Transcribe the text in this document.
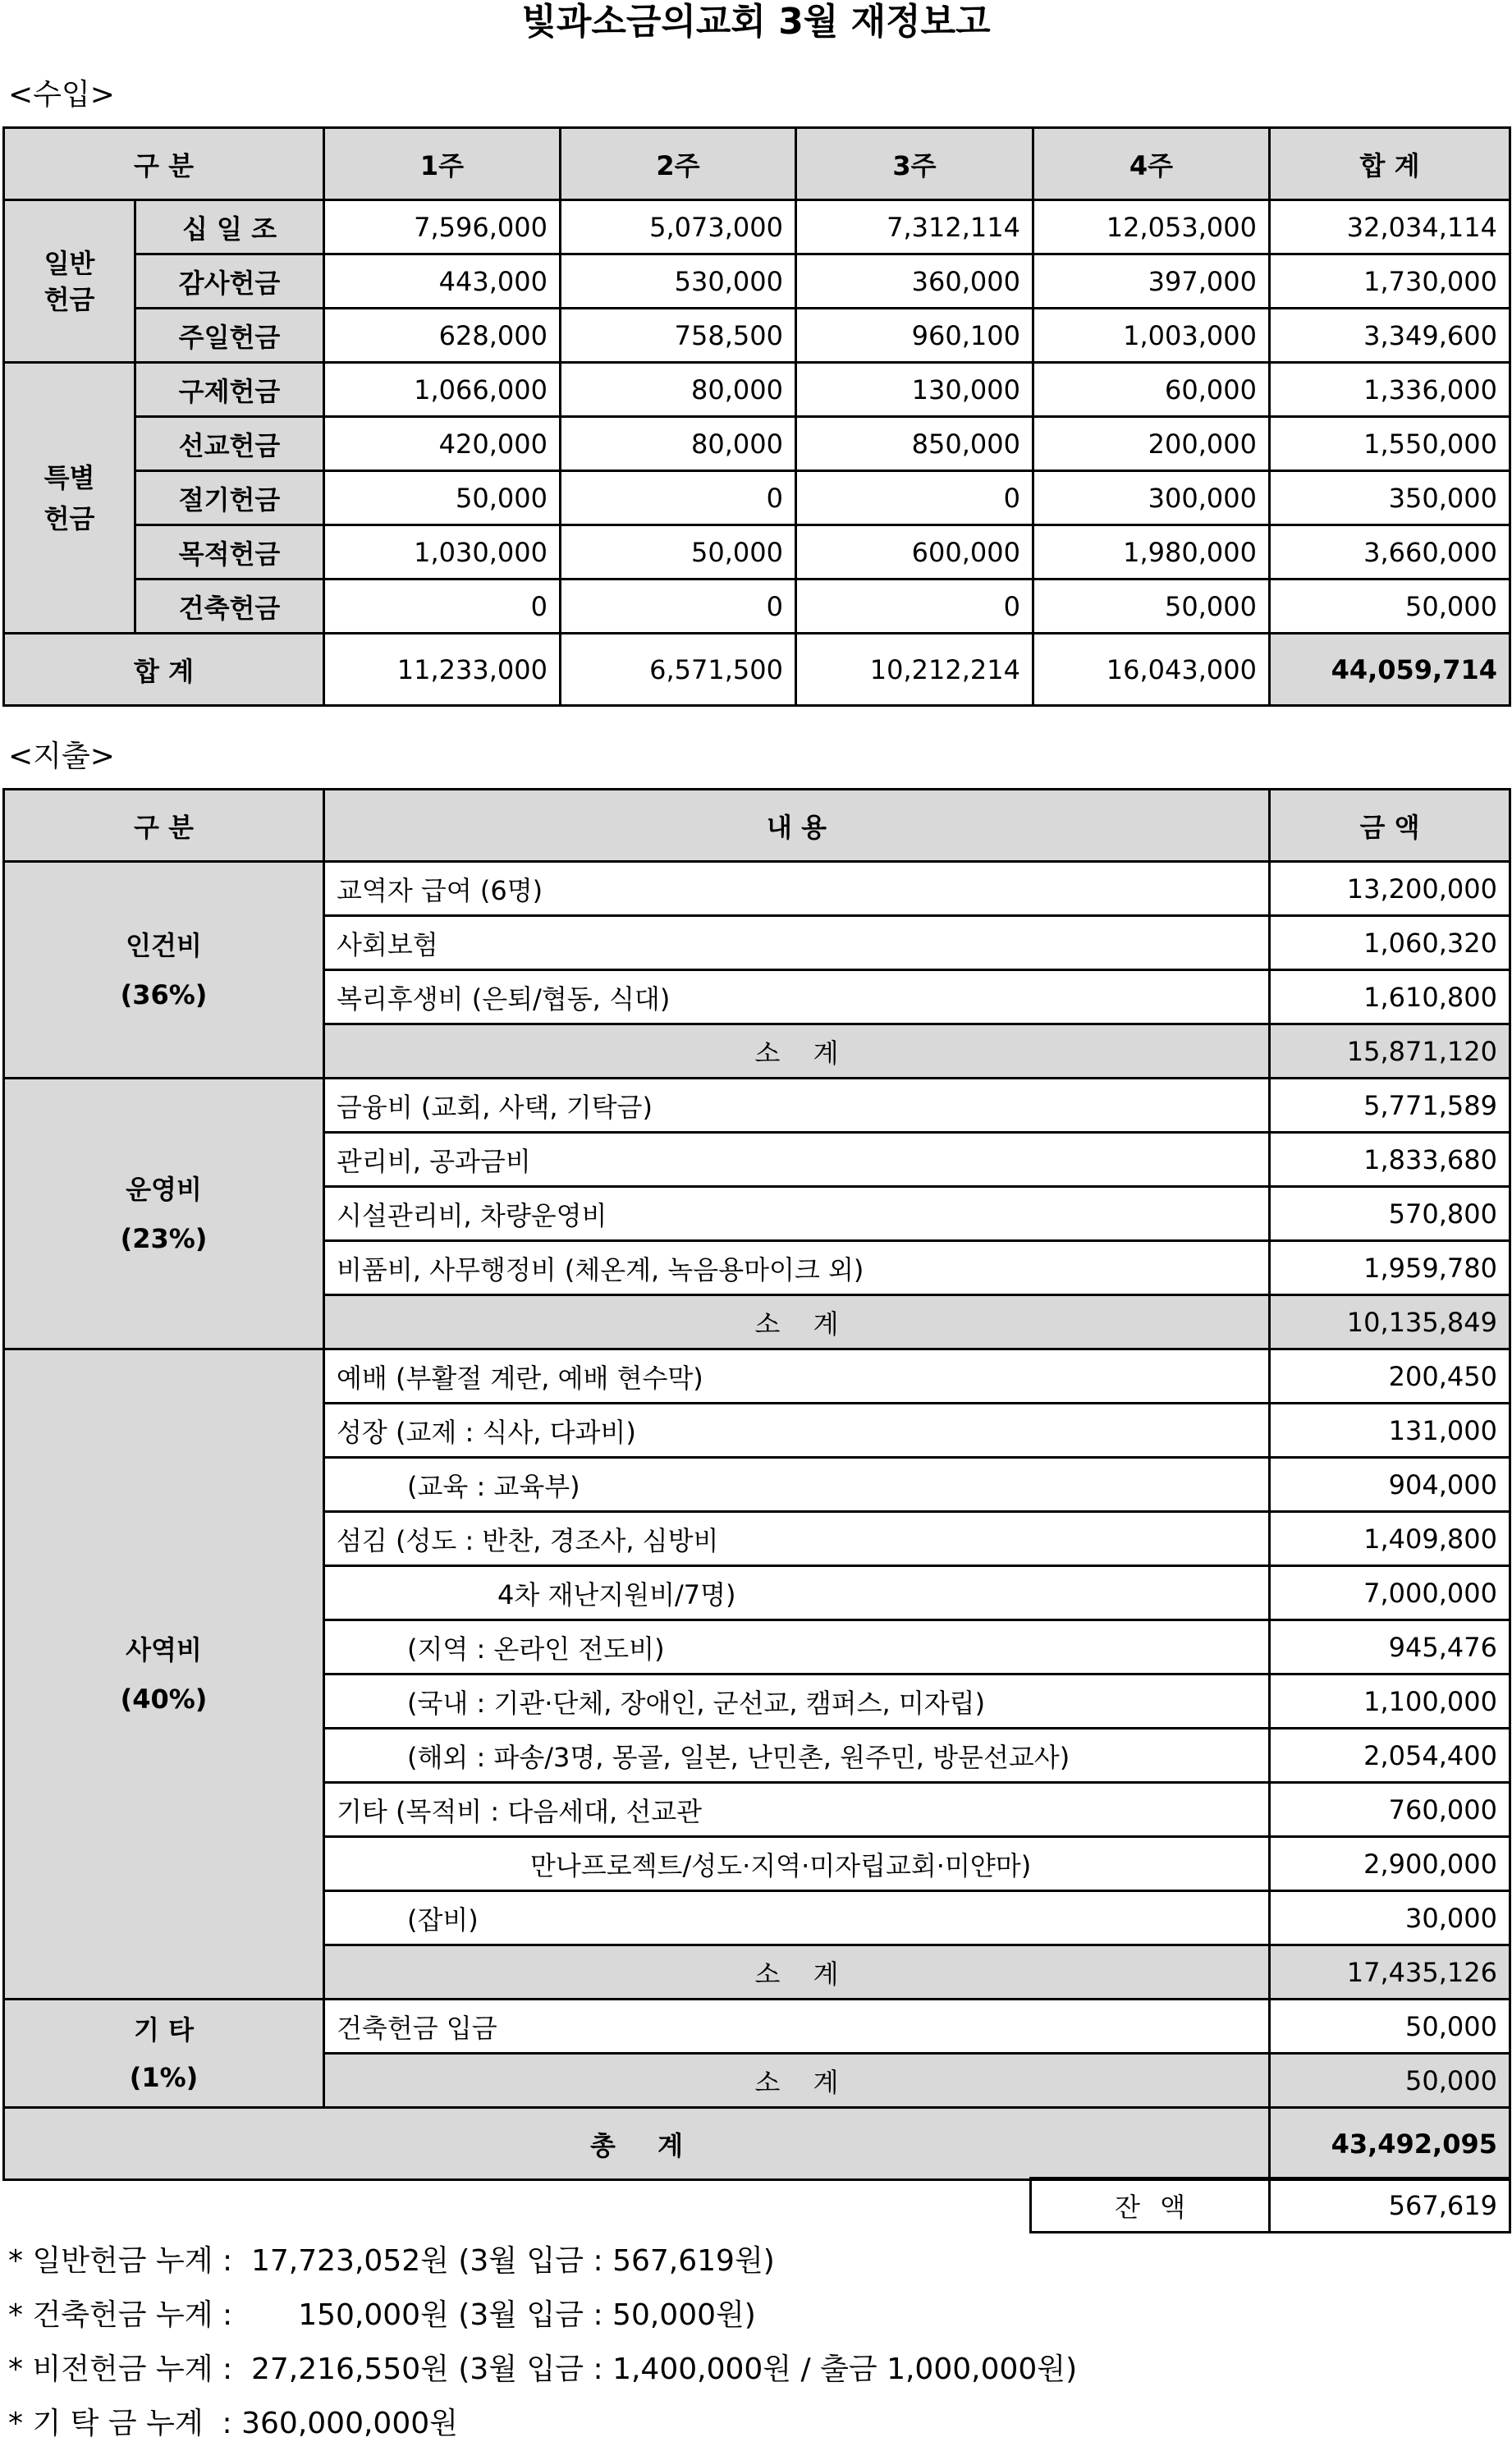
빛과소금의교회 3월 재정보고
<수입>
구 분		1주	2주	3주	4주	합 계
일반
헌금	십 일 조	7,596,000	5,073,000	7,312,114	12,053,000	32,034,114
	감사헌금	443,000	530,000	360,000	397,000	1,730,000
	주일헌금	628,000	758,500	960,100	1,003,000	3,349,600
특별
헌금	구제헌금	1,066,000	80,000	130,000	60,000	1,336,000
	선교헌금	420,000	80,000	850,000	200,000	1,550,000
	절기헌금	50,000	0	0	300,000	350,000
	목적헌금	1,030,000	50,000	600,000	1,980,000	3,660,000
	건축헌금	0	0	0	50,000	50,000
합 계		11,233,000	6,571,500	10,212,214	16,043,000	44,059,714
<지출>
구 분	내 용	금 액

인건비
(36%)	교역자 급여 (6명)	13,200,000
	사회보험	1,060,320
	복리후생비 (은퇴/협동, 식대)	1,610,800
	소 계	15,871,120

운영비
(23%)	금융비 (교회, 사택, 기탁금)	5,771,589
	관리비, 공과금비	1,833,680
	시설관리비, 차량운영비	570,800
	비품비, 사무행정비 (체온계, 녹음용마이크 외)	1,959,780
	소 계	10,135,849

사역비
(40%)	예배 (부활절 계란, 예배 현수막)	200,450
	성장 (교제 : 식사, 다과비)	131,000
	(교육 : 교육부)	904,000
	섬김 (성도 : 반찬, 경조사, 심방비	1,409,800
	4차 재난지원비/7명)	7,000,000
	(지역 : 온라인 전도비)	945,476
	(국내 : 기관·단체, 장애인, 군선교, 캠퍼스, 미자립)	1,100,000
	(해외 : 파송/3명, 몽골, 일본, 난민촌, 원주민, 방문선교사)	2,054,400
	기타 (목적비 : 다음세대, 선교관	760,000
	만나프로젝트/성도·지역·미자립교회·미얀마)	2,900,000
	(잡비)	30,000
	소 계	17,435,126

기 타
(1%)	건축헌금 입금	50,000
	소 계	50,000
총 계		43,492,095
잔 액	567,619
* 일반헌금 누계 :  17,723,052원 (3월 입금 : 567,619원)
* 건축헌금 누계 :       150,000원 (3월 입금 : 50,000원)
* 비전헌금 누계 :  27,216,550원 (3월 입금 : 1,400,000원 / 출금 1,000,000원)
* 기 탁 금 누계  : 360,000,000원
